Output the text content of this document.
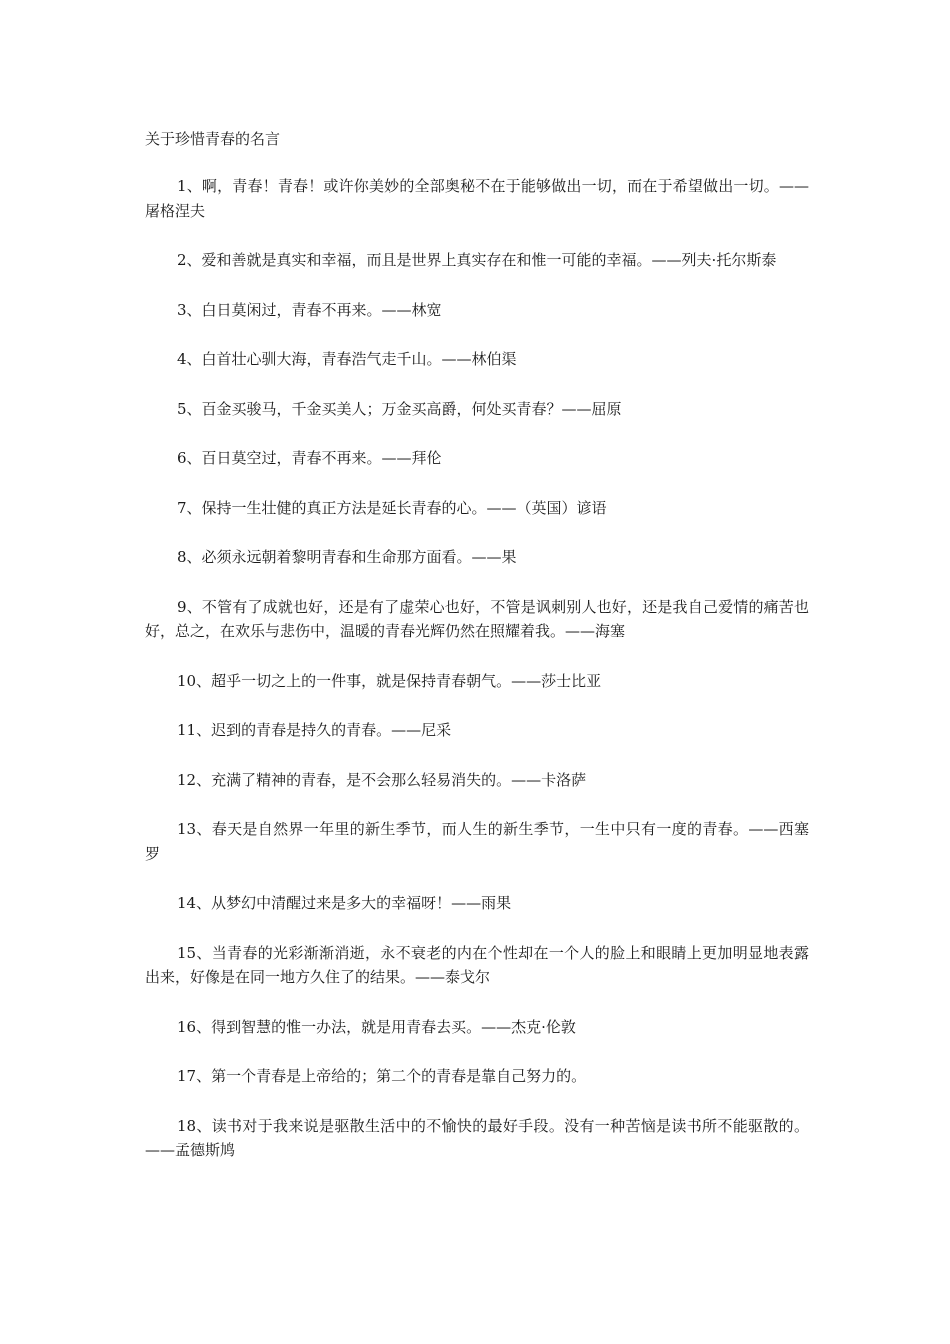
关于珍惜青春的名言

1、啊，青春！青春！或许你美妙的全部奥秘不在于能够做出一切，而在于希望做出一切。——屠格涅夫
2、爱和善就是真实和幸福，而且是世界上真实存在和惟一可能的幸福。——列夫·托尔斯泰
3、白日莫闲过，青春不再来。——林宽
4、白首壮心驯大海，青春浩气走千山。——林伯渠
5、百金买骏马，千金买美人；万金买高爵，何处买青春？——屈原
6、百日莫空过，青春不再来。——拜伦
7、保持一生壮健的真正方法是延长青春的心。——（英国）谚语
8、必须永远朝着黎明青春和生命那方面看。——果
9、不管有了成就也好，还是有了虚荣心也好，不管是讽刺别人也好，还是我自己爱情的痛苦也好，总之，在欢乐与悲伤中，温暖的青春光辉仍然在照耀着我。——海塞
10、超乎一切之上的一件事，就是保持青春朝气。——莎士比亚
11、迟到的青春是持久的青春。——尼采
12、充满了精神的青春，是不会那么轻易消失的。——卡洛萨
13、春天是自然界一年里的新生季节，而人生的新生季节，一生中只有一度的青春。——西塞罗
14、从梦幻中清醒过来是多大的幸福呀！——雨果
15、当青春的光彩渐渐消逝，永不衰老的内在个性却在一个人的脸上和眼睛上更加明显地表露出来，好像是在同一地方久住了的结果。——泰戈尔
16、得到智慧的惟一办法，就是用青春去买。——杰克·伦敦
17、第一个青春是上帝给的；第二个的青春是靠自己努力的。
18、读书对于我来说是驱散生活中的不愉快的最好手段。没有一种苦恼是读书所不能驱散的。——孟德斯鸠
